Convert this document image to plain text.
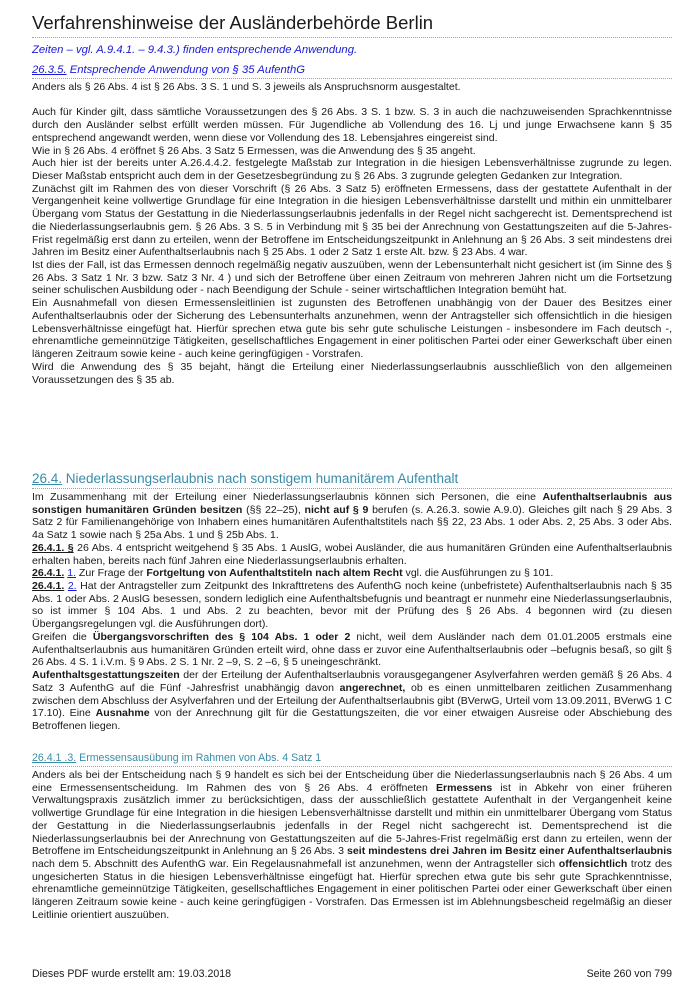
Verfahrenshinweise der Ausländerbehörde Berlin
Zeiten – vgl. A.9.4.1. – 9.4.3.) finden entsprechende Anwendung.
26.3.5. Entsprechende Anwendung von § 35 AufenthG

Anders als § 26 Abs. 4 ist § 26 Abs. 3 S. 1 und S. 3 jeweils als Anspruchsnorm ausgestaltet.

Auch für Kinder gilt, dass sämtliche Voraussetzungen des § 26 Abs. 3 S. 1 bzw. S. 3 in auch die nachzuweisenden Sprachkenntnisse durch den Ausländer selbst erfüllt werden müssen. Für Jugendliche ab Vollendung des 16. Lj und junge Erwachsene kann § 35 entsprechend angewandt werden, wenn diese vor Vollendung des 18. Lebensjahres eingereist sind.

Wie in § 26 Abs. 4 eröffnet § 26 Abs. 3 Satz 5 Ermessen, was die Anwendung des § 35 angeht.

Auch hier ist der bereits unter A.26.4.4.2. festgelegte Maßstab zur Integration in die hiesigen Lebensverhältnisse zugrunde zu legen. Dieser Maßstab entspricht auch dem in der Gesetzesbegründung zu § 26 Abs. 3 zugrunde gelegten Gedanken zur Integration.

Zunächst gilt im Rahmen des von dieser Vorschrift (§ 26 Abs. 3 Satz 5) eröffneten Ermessens, dass der gestattete Aufenthalt in der Vergangenheit keine vollwertige Grundlage für eine Integration in die hiesigen Lebensverhältnisse darstellt und mithin ein unmittelbarer Übergang vom Status der Gestattung in die Niederlassungserlaubnis jedenfalls in der Regel nicht sachgerecht ist. Dementsprechend ist die Niederlassungserlaubnis gem. § 26 Abs. 3 S. 5 in Verbindung mit § 35 bei der Anrechnung von Gestattungszeiten auf die 5-Jahres-Frist regelmäßig erst dann zu erteilen, wenn der Betroffene im Entscheidungszeitpunkt in Anlehnung an § 26 Abs. 3 seit mindestens drei Jahren im Besitz einer Aufenthaltserlaubnis nach § 25 Abs. 1 oder 2 Satz 1 erste Alt. bzw. § 23 Abs. 4 war.

Ist dies der Fall, ist das Ermessen dennoch regelmäßig negativ auszuüben, wenn der Lebensunterhalt nicht gesichert ist (im Sinne des § 26 Abs. 3 Satz 1 Nr. 3 bzw. Satz 3 Nr. 4 ) und sich der Betroffene über einen Zeitraum von mehreren Jahren nicht um die Fortsetzung seiner schulischen Ausbildung oder - nach Beendigung der Schule - seiner wirtschaftlichen Integration bemüht hat.

Ein Ausnahmefall von diesen Ermessensleitlinien ist zugunsten des Betroffenen unabhängig von der Dauer des Besitzes einer Aufenthaltserlaubnis oder der Sicherung des Lebensunterhalts anzunehmen, wenn der Antragsteller sich offensichtlich in die hiesigen Lebensverhältnisse eingefügt hat. Hierfür sprechen etwa gute bis sehr gute schulische Leistungen - insbesondere im Fach deutsch -, ehrenamtliche gemeinnützige Tätigkeiten, gesellschaftliches Engagement in einer politischen Partei oder einer Gewerkschaft über einen längeren Zeitraum sowie keine - auch keine geringfügigen - Vorstrafen.

Wird die Anwendung des § 35 bejaht, hängt die Erteilung einer Niederlassungserlaubnis ausschließlich von den allgemeinen Voraussetzungen des § 35 ab.

26.4. Niederlassungserlaubnis nach sonstigem humanitärem Aufenthalt

Im Zusammenhang mit der Erteilung einer Niederlassungserlaubnis können sich Personen, die eine Aufenthaltserlaubnis aus sonstigen humanitären Gründen besitzen (§§ 22–25), nicht auf § 9 berufen (s. A.26.3. sowie A.9.0). Gleiches gilt nach § 29 Abs. 3 Satz 2 für Familienangehörige von Inhabern eines humanitären Aufenthaltstitels nach §§ 22, 23 Abs. 1 oder Abs. 2, 25 Abs. 3 oder Abs. 4a Satz 1 sowie nach § 25a Abs. 1 und § 25b Abs. 1.

26.4.1. § 26 Abs. 4 entspricht weitgehend § 35 Abs. 1 AuslG, wobei Ausländer, die aus humanitären Gründen eine Aufenthaltserlaubnis erhalten haben, bereits nach fünf Jahren eine Niederlassungserlaubnis erhalten.

26.4.1. 1. Zur Frage der Fortgeltung von Aufenthaltstiteln nach altem Recht vgl. die Ausführungen zu § 101.

26.4.1. 2. Hat der Antragsteller zum Zeitpunkt des Inkrafttretens des AufenthG noch keine (unbefristete) Aufenthaltserlaubnis nach § 35 Abs. 1 oder Abs. 2 AuslG besessen, sondern lediglich eine Aufenthaltsbefugnis und beantragt er nunmehr eine Niederlassungserlaubnis, so ist immer § 104 Abs. 1 und Abs. 2 zu beachten, bevor mit der Prüfung des § 26 Abs. 4 begonnen wird (zu diesen Übergangsregelungen vgl. die Ausführungen dort).

Greifen die Übergangsvorschriften des § 104 Abs. 1 oder 2 nicht, weil dem Ausländer nach dem 01.01.2005 erstmals eine Aufenthaltserlaubnis aus humanitären Gründen erteilt wird, ohne dass er zuvor eine Aufenthaltserlaubnis oder –befugnis besaß, so gilt § 26 Abs. 4 S. 1 i.V.m. § 9 Abs. 2 S. 1 Nr. 2 –9, S. 2 –6, § 5 uneingeschränkt.

Aufenthaltsgestattungszeiten der der Erteilung der Aufenthaltserlaubnis vorausgegangener Asylverfahren werden gemäß § 26 Abs. 4 Satz 3 AufenthG auf die Fünf -Jahresfrist unabhängig davon angerechnet, ob es einen unmittelbaren zeitlichen Zusammenhang zwischen dem Abschluss der Asylverfahren und der Erteilung der Aufenthaltserlaubnis gibt (BVerwG, Urteil vom 13.09.2011, BVerwG 1 C 17.10). Eine Ausnahme von der Anrechnung gilt für die Gestattungszeiten, die vor einer etwaigen Ausreise oder Abschiebung des Betroffenen liegen.

26.4.1 .3. Ermessensausübung im Rahmen von Abs. 4 Satz 1

Anders als bei der Entscheidung nach § 9 handelt es sich bei der Entscheidung über die Niederlassungserlaubnis nach § 26 Abs. 4 um eine Ermessensentscheidung. Im Rahmen des von § 26 Abs. 4 eröffneten Ermessens ist in Abkehr von einer früheren Verwaltungspraxis zusätzlich immer zu berücksichtigen, dass der ausschließlich gestattete Aufenthalt in der Vergangenheit keine vollwertige Grundlage für eine Integration in die hiesigen Lebensverhältnisse darstellt und mithin ein unmittelbarer Übergang vom Status der Gestattung in die Niederlassungserlaubnis jedenfalls in der Regel nicht sachgerecht ist. Dementsprechend ist die Niederlassungserlaubnis bei der Anrechnung von Gestattungszeiten auf die 5-Jahres-Frist regelmäßig erst dann zu erteilen, wenn der Betroffene im Entscheidungszeitpunkt in Anlehnung an § 26 Abs. 3 seit mindestens drei Jahren im Besitz einer Aufenthaltserlaubnis nach dem 5. Abschnitt des AufenthG war. Ein Regelausnahmefall ist anzunehmen, wenn der Antragsteller sich offensichtlich trotz des ungesicherten Status in die hiesigen Lebensverhältnisse eingefügt hat. Hierfür sprechen etwa gute bis sehr gute Sprachkenntnisse, ehrenamtliche gemeinnützige Tätigkeiten, gesellschaftliches Engagement in einer politischen Partei oder einer Gewerkschaft über einen längeren Zeitraum sowie keine - auch keine geringfügigen - Vorstrafen. Das Ermessen ist im Ablehnungsbescheid regelmäßig an dieser Leitlinie orientiert auszuüben.

Dieses PDF wurde erstellt am: 19.03.2018	Seite 260 von 799
